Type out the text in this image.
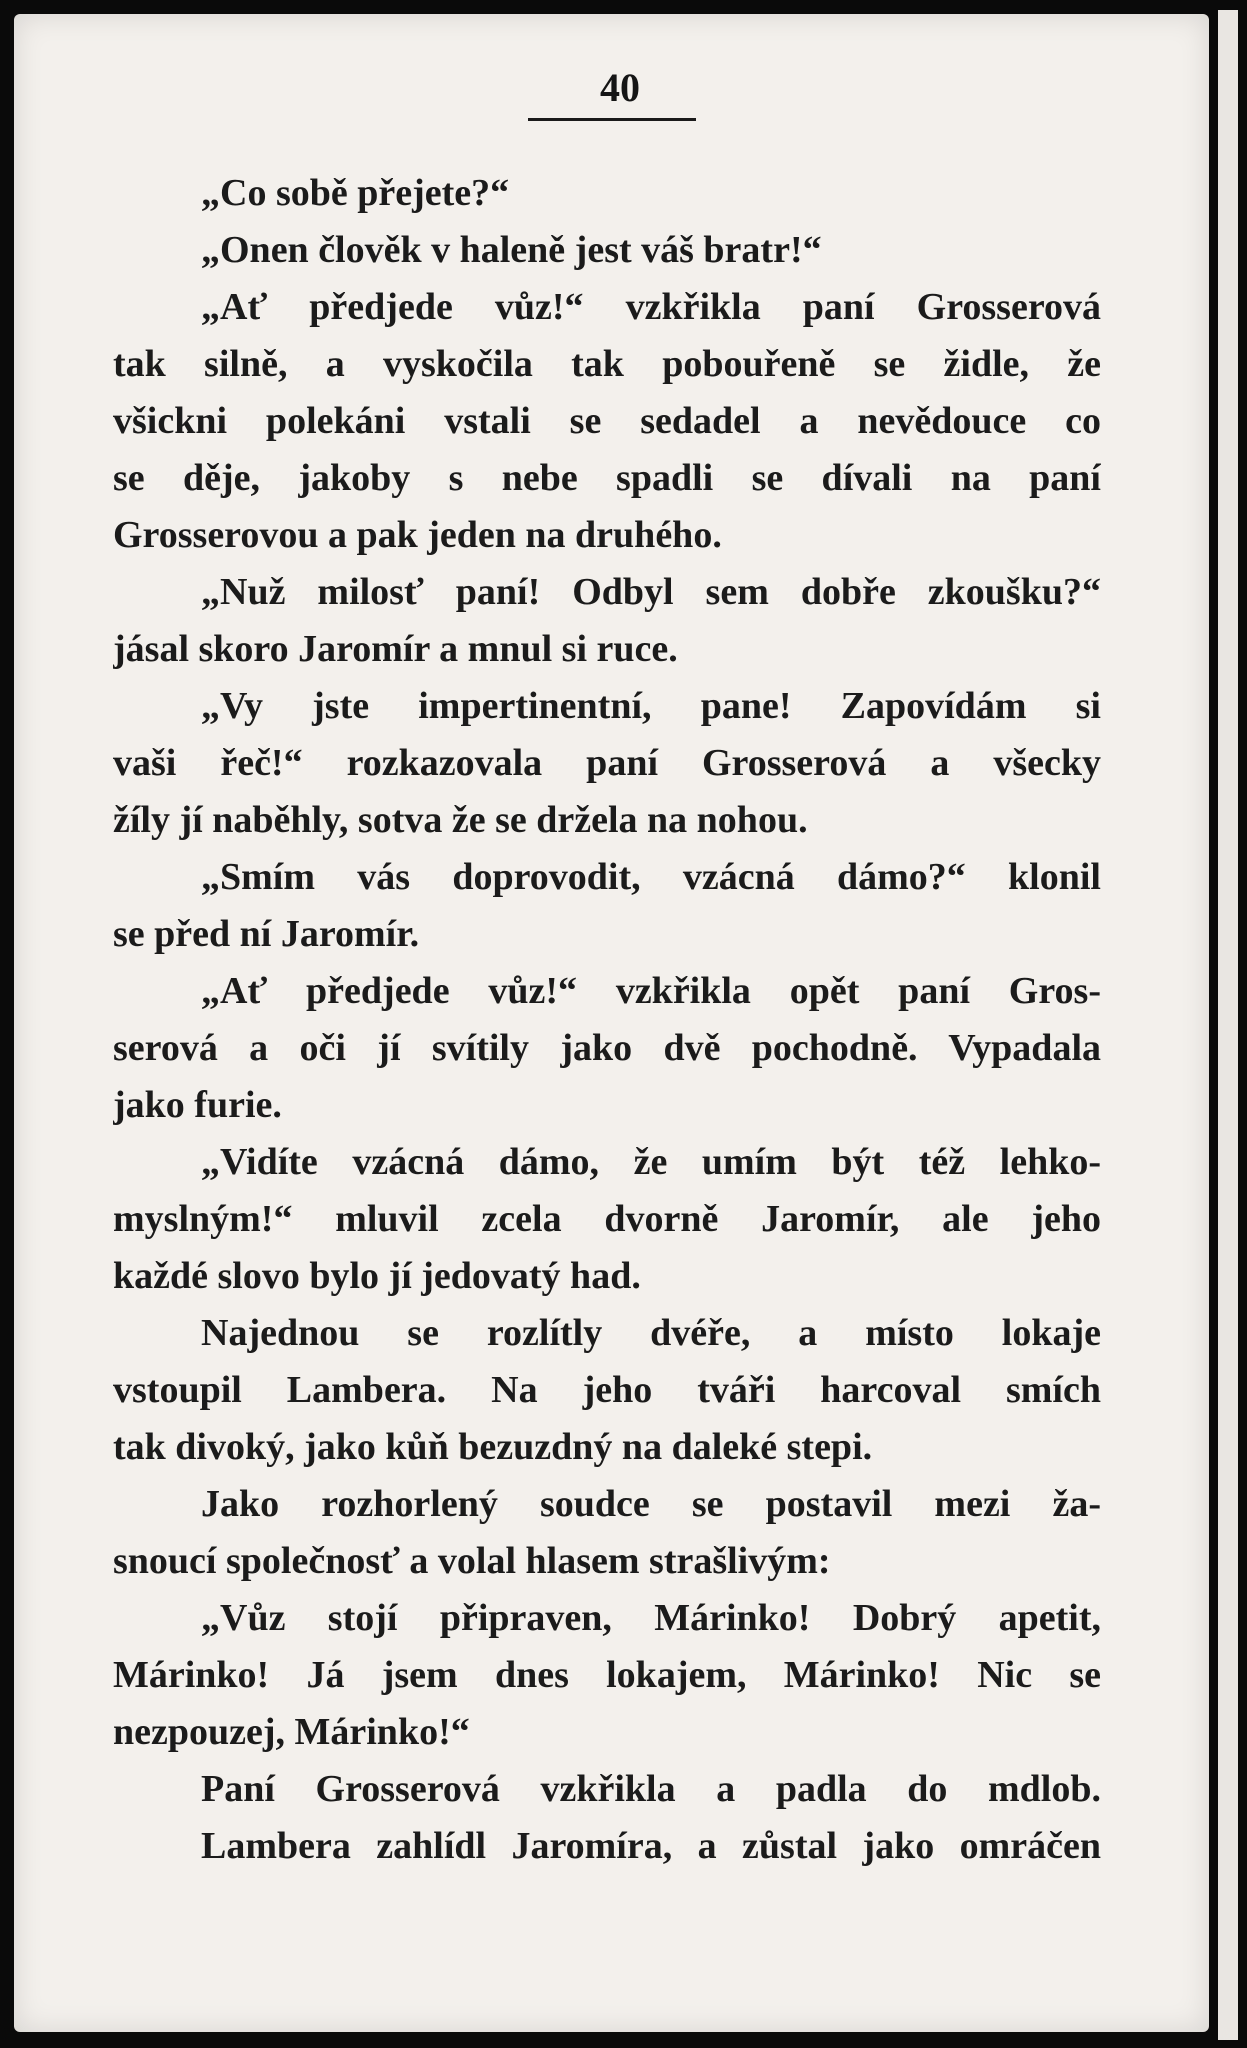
40
„Co sobě přejete?“
„Onen člověk v haleně jest váš bratr!“
„Ať předjede vůz!“ vzkřikla paní Grosserová
tak silně, a vyskočila tak pobouřeně se židle, že
všickni polekáni vstali se sedadel a nevědouce co
se děje, jakoby s nebe spadli se dívali na paní
Grosserovou a pak jeden na druhého.
„Nuž milosť paní! Odbyl sem dobře zkoušku?“
jásal skoro Jaromír a mnul si ruce.
„Vy jste impertinentní, pane! Zapovídám si
vaši řeč!“ rozkazovala paní Grosserová a všecky
žíly jí naběhly, sotva že se držela na nohou.
„Smím vás doprovodit, vzácná dámo?“ klonil
se před ní Jaromír.
„Ať předjede vůz!“ vzkřikla opět paní Gros-
serová a oči jí svítily jako dvě pochodně. Vypadala
jako furie.
„Vidíte vzácná dámo, že umím být též lehko-
myslným!“ mluvil zcela dvorně Jaromír, ale jeho
každé slovo bylo jí jedovatý had.
Najednou se rozlítly dvéře, a místo lokaje
vstoupil Lambera. Na jeho tváři harcoval smích
tak divoký, jako kůň bezuzdný na daleké stepi.
Jako rozhorlený soudce se postavil mezi ža-
snoucí společnosť a volal hlasem strašlivým:
„Vůz stojí připraven, Márinko! Dobrý apetit,
Márinko! Já jsem dnes lokajem, Márinko! Nic se
nezpouzej, Márinko!“
Paní Grosserová vzkřikla a padla do mdlob.
Lambera zahlídl Jaromíra, a zůstal jako omráčen
